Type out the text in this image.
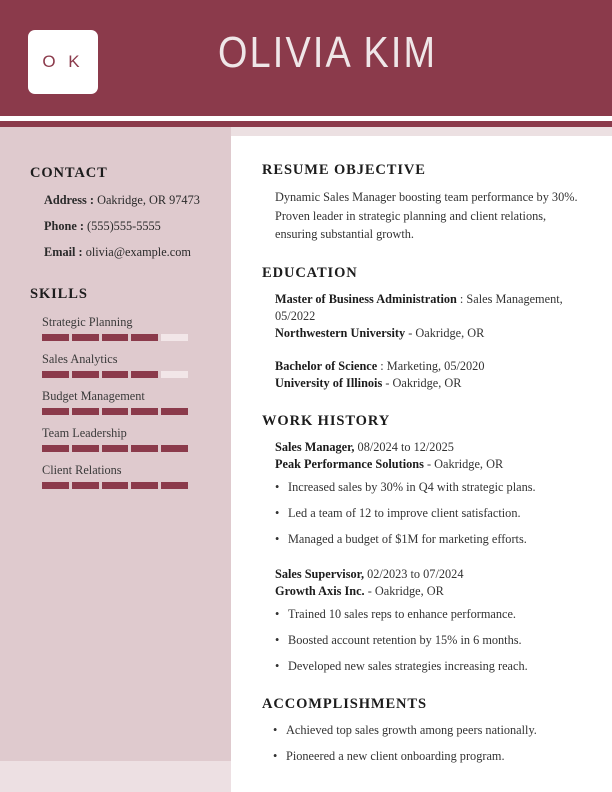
O K	OLIVIA KIM
CONTACT
Address : Oakridge, OR 97473
Phone : (555)555-5555
Email : olivia@example.com
SKILLS
Strategic Planning
Sales Analytics
Budget Management
Team Leadership
Client Relations
RESUME OBJECTIVE
Dynamic Sales Manager boosting team performance by 30%. Proven leader in strategic planning and client relations, ensuring substantial growth.
EDUCATION
Master of Business Administration : Sales Management, 05/2022
Northwestern University - Oakridge, OR
Bachelor of Science : Marketing, 05/2020
University of Illinois - Oakridge, OR
WORK HISTORY
Sales Manager, 08/2024 to 12/2025
Peak Performance Solutions - Oakridge, OR
• Increased sales by 30% in Q4 with strategic plans.
• Led a team of 12 to improve client satisfaction.
• Managed a budget of $1M for marketing efforts.
Sales Supervisor, 02/2023 to 07/2024
Growth Axis Inc. - Oakridge, OR
• Trained 10 sales reps to enhance performance.
• Boosted account retention by 15% in 6 months.
• Developed new sales strategies increasing reach.
ACCOMPLISHMENTS
• Achieved top sales growth among peers nationally.
• Pioneered a new client onboarding program.
